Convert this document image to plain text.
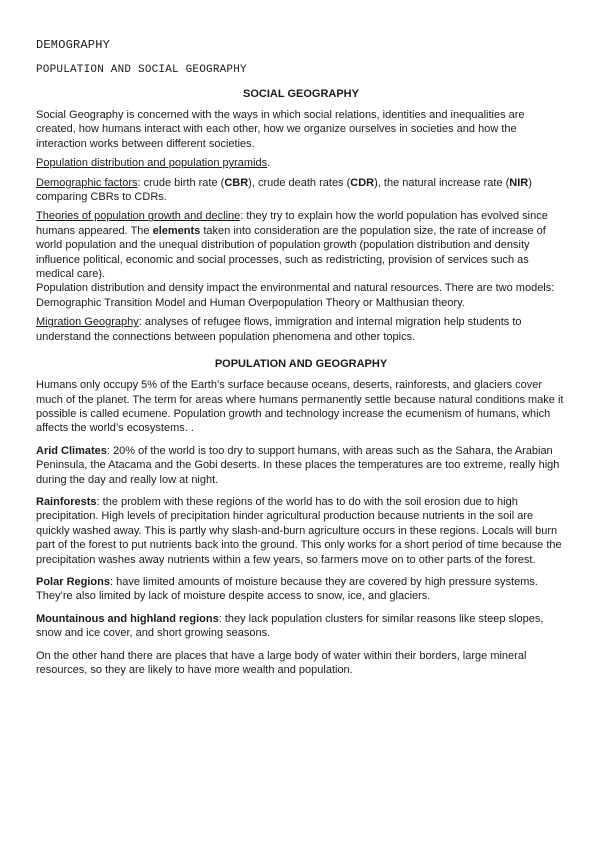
DEMOGRAPHY
POPULATION AND SOCIAL GEOGRAPHY
SOCIAL GEOGRAPHY

Social Geography is concerned with the ways in which social relations, identities and inequalities are created, how humans interact with each other, how we organize ourselves in societies and how the interaction works between different societies.

Population distribution and population pyramids.

Demographic factors: crude birth rate (CBR), crude death rates (CDR), the natural increase rate (NIR) comparing CBRs to CDRs.

Theories of population growth and decline: they try to explain how the world population has evolved since humans appeared. The elements taken into consideration are the population size, the rate of increase of world population and the unequal distribution of population growth (population distribution and density influence political, economic and social processes, such as redistricting, provision of services such as medical care).

Population distribution and density impact the environmental and natural resources. There are two models: Demographic Transition Model and Human Overpopulation Theory or Malthusian theory.

Migration Geography: analyses of refugee flows, immigration and internal migration help students to understand the connections between population phenomena and other topics.

POPULATION AND GEOGRAPHY

Humans only occupy 5% of the Earth’s surface because oceans, deserts, rainforests, and glaciers cover much of the planet. The term for areas where humans permanently settle because natural conditions make it possible is called ecumene. Population growth and technology increase the ecumenism of humans, which affects the world’s ecosystems. .

Arid Climates: 20% of the world is too dry to support humans, with areas such as the Sahara, the Arabian Peninsula, the Atacama and the Gobi deserts. In these places the temperatures are too extreme, really high during the day and really low at night.

Rainforests: the problem with these regions of the world has to do with the soil erosion due to high precipitation. High levels of precipitation hinder agricultural production because nutrients in the soil are quickly washed away. This is partly why slash-and-burn agriculture occurs in these regions. Locals will burn part of the forest to put nutrients back into the ground. This only works for a short period of time because the precipitation washes away nutrients within a few years, so farmers move on to other parts of the forest.

Polar Regions: have limited amounts of moisture because they are covered by high pressure systems. They’re also limited by lack of moisture despite access to snow, ice, and glaciers.

Mountainous and highland regions: they lack population clusters for similar reasons like steep slopes, snow and ice cover, and short growing seasons.

On the other hand there are places that have a large body of water within their borders, large mineral resources, so they are likely to have more wealth and population.
